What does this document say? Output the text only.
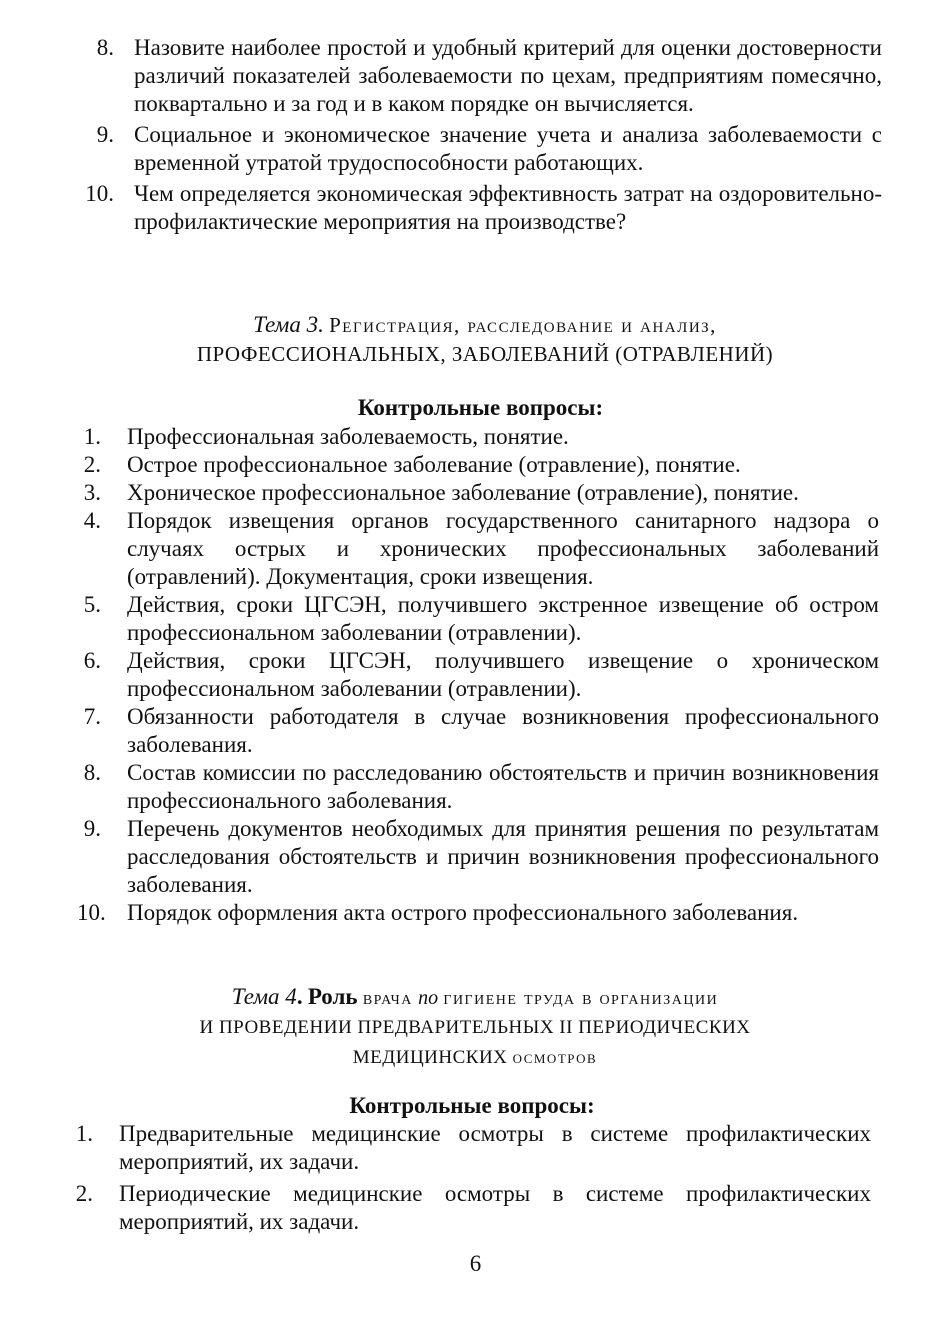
8. Назовите наиболее простой и удобный критерий для оценки достоверности различий показателей заболеваемости по цехам, предприятиям помесячно, поквартально и за год и в каком порядке он вычисляется.
9. Социальное и экономическое значение учета и анализа заболеваемости с временной утратой трудоспособности работающих.
10. Чем определяется экономическая эффективность затрат на оздоровительно-профилактические мероприятия на производстве?
Тема 3. Регистрация, расследование и анализ,
ПРОФЕССИОНАЛЬНЫХ, ЗАБОЛЕВАНИЙ (ОТРАВЛЕНИЙ)
Контрольные вопросы:
1. Профессиональная заболеваемость, понятие.
2. Острое профессиональное заболевание (отравление), понятие.
3. Хроническое профессиональное заболевание (отравление), понятие.
4. Порядок извещения органов государственного санитарного надзора о случаях острых и хронических профессиональных заболеваний (отравлений). Документация, сроки извещения.
5. Действия, сроки ЦГСЭН, получившего экстренное извещение об остром профессиональном заболевании (отравлении).
6. Действия, сроки ЦГСЭН, получившего извещение о хроническом профессиональном заболевании (отравлении).
7. Обязанности работодателя в случае возникновения профессионального заболевания.
8. Состав комиссии по расследованию обстоятельств и причин возникновения профессионального заболевания.
9. Перечень документов необходимых для принятия решения по результатам расследования обстоятельств и причин возникновения профессионального заболевания.
10. Порядок оформления акта острого профессионального заболевания.
Тема 4. Роль врача по гигиене труда в организации
И ПРОВЕДЕНИИ ПРЕДВАРИТЕЛЬНЫХ II ПЕРИОДИЧЕСКИХ
МЕДИЦИНСКИХ осмотров
Контрольные вопросы:
1. Предварительные медицинские осмотры в системе профилактических мероприятий, их задачи.
2. Периодические медицинские осмотры в системе профилактических мероприятий, их задачи.
6
